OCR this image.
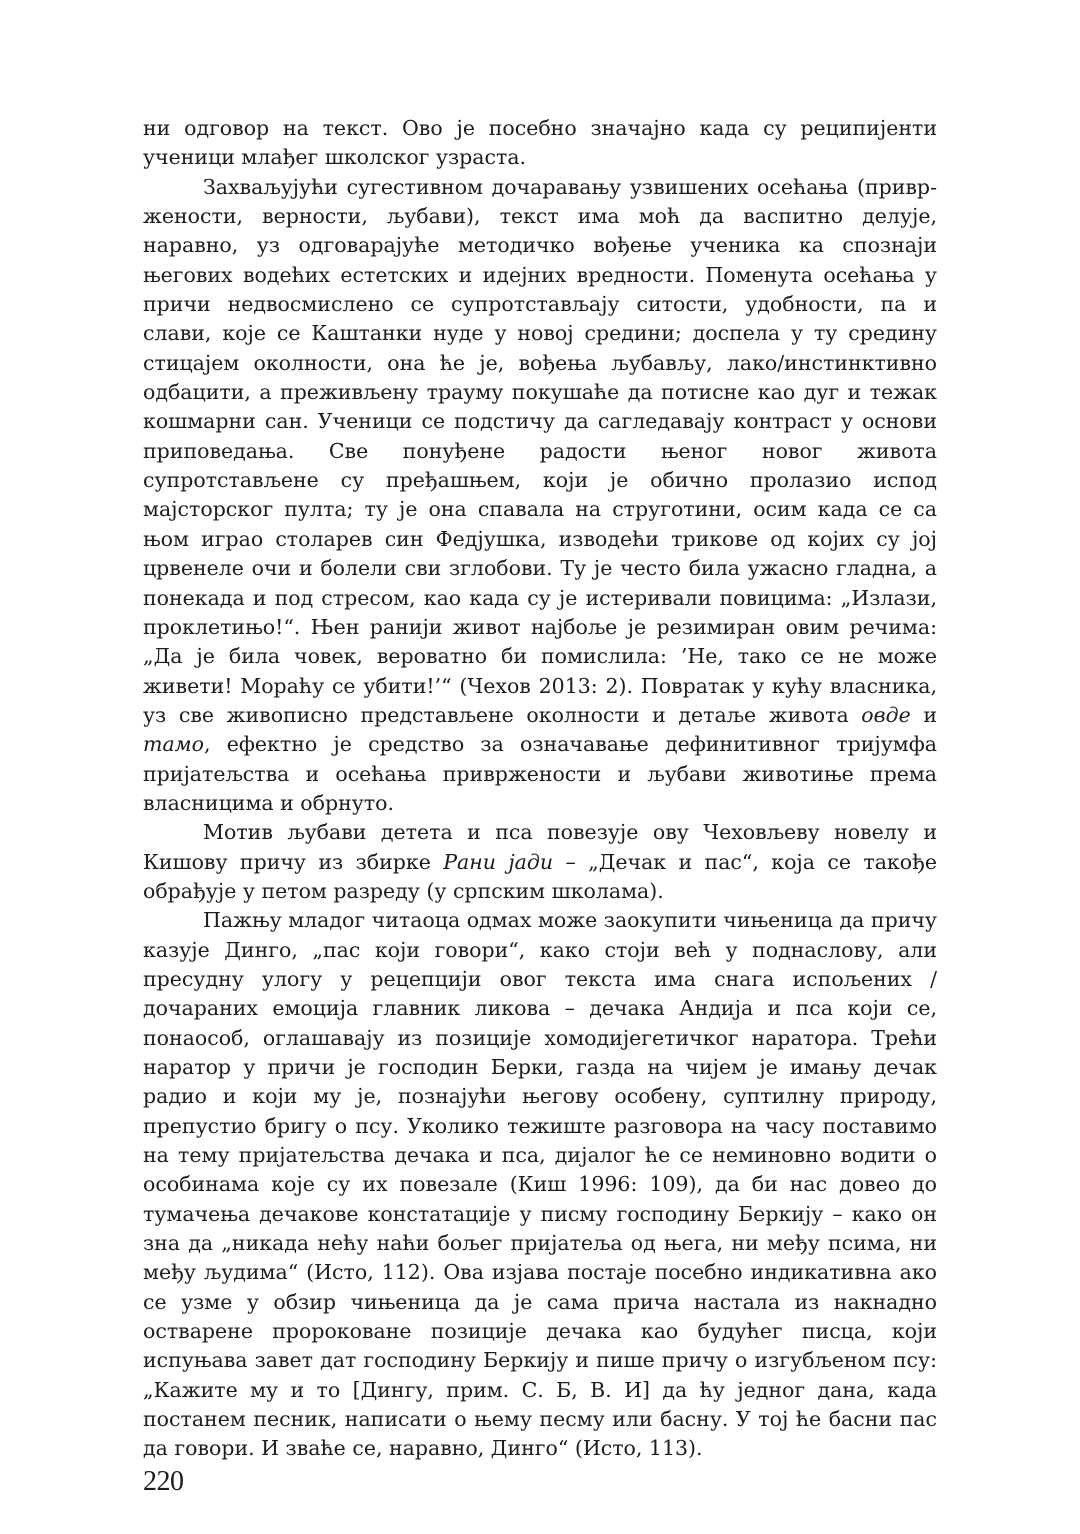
ни одговор на текст. Ово је посебно значајно када су реципијенти ученици млађег школског узраста.

Захваљујући сугестивном дочаравању узвишених осећања (привржености, верности, љубави), текст има моћ да васпитно делује, наравно, уз одговарајуће методичко вођење ученика ка спознаји његових водећих естетских и идејних вредности. Поменута осећања у причи недвосмислено се супротстављају ситости, удобности, па и слави, које се Каштанки нуде у новој средини; доспела у ту средину стицајем околности, она ће је, вођења љубављу, лако/инстинктивно одбацити, а преживљену трауму покушаће да потисне као дуг и тежак кошмарни сан. Ученици се подстичу да сагледавају контраст у основи приповедања. Све понуђене радости њеног новог живота супротстављене су пређашњем, који је обично пролазио испод мајсторског пулта; ту је она спавала на струготини, осим када се са њом играо столарев син Федјушка, изводећи трикове од којих су јој црвенеле очи и болели сви зглобови. Ту је често била ужасно гладна, а понекада и под стресом, као када су је истеривали повицима: „Излази, проклетињо!“. Њен ранији живот најбоље је резимиран овим речима: „Да је била човек, вероватно би помислила: ’Не, тако се не може живети! Мораћу се убити!’“ (Чехов 2013: 2). Повратак у кућу власника, уз све живописно представљене околности и детаље живота овде и тамо, ефектно је средство за означавање дефинитивног тријумфа пријатељства и осећања привржености и љубави животиње према власницима и обрнуто.

Мотив љубави детета и пса повезује ову Чеховљеву новелу и Кишову причу из збирке Рани јади – „Дечак и пас“, која се такође обрађује у петом разреду (у српским школама).

Пажњу младог читаоца одмах може заокупити чињеница да причу казује Динго, „пас који говори“, како стоји већ у поднаслову, али пресудну улогу у рецепцији овог текста има снага испољених /дочараних емоција главник ликова – дечака Андија и пса који се, понаособ, оглашавају из позиције хомодијегетичког наратора. Трећи наратор у причи је господин Берки, газда на чијем је имању дечак радио и који му је, познајући његову особену, суптилну природу, препустио бригу о псу. Уколико тежиште разговора на часу поставимо на тему пријатељства дечака и пса, дијалог ће се неминовно водити о особинама које су их повезале (Киш 1996: 109), да би нас довео до тумачења дечакове констатације у писму господину Беркију – како он зна да „никада нећу наћи бољег пријатеља од њега, ни међу псима, ни међу људима“ (Исто, 112). Ова изјава постаје посебно индикативна ако се узме у обзир чињеница да је сама прича настала из накнадно остварене пророковане позиције дечака као будућег писца, који испуњава завет дат господину Беркију и пише причу о изгубљеном псу: „Кажите му и то [Дингу, прим. С. Б, В. И] да ћу једног дана, када постанем песник, написати о њему песму или басну. У тој ће басни пас да говори. И зваће се, наравно, Динго“ (Исто, 113).

220
